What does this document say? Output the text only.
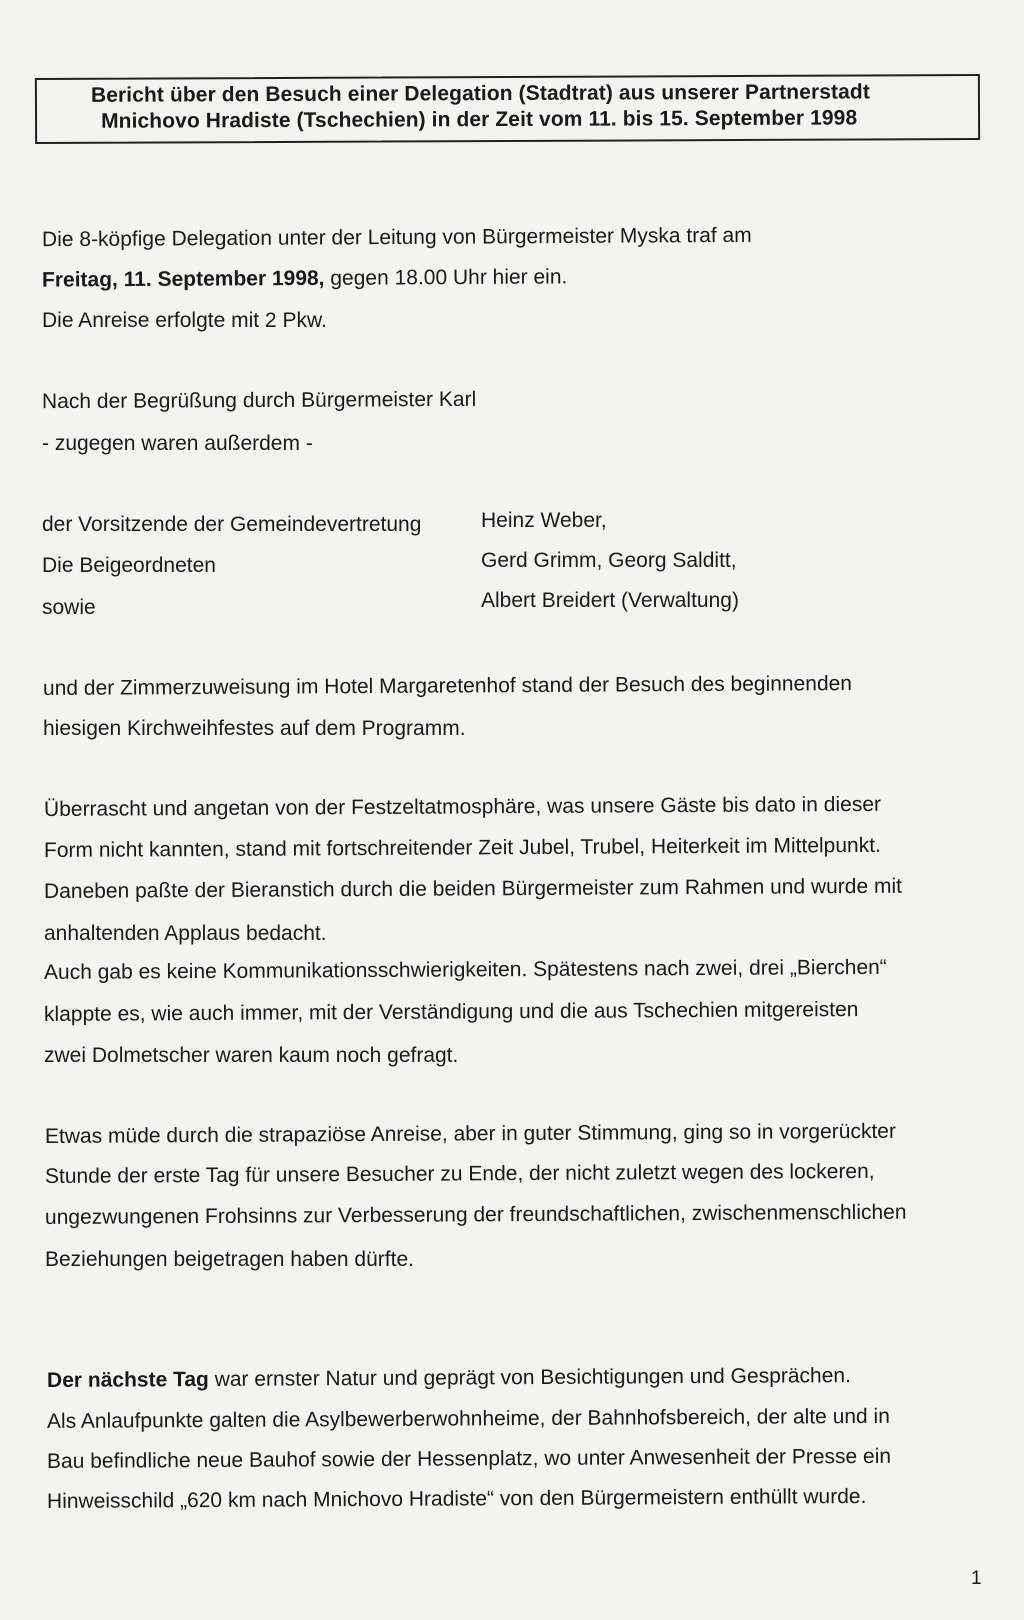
Bericht über den Besuch einer Delegation (Stadtrat) aus unserer Partnerstadt
Mnichovo Hradiste (Tschechien) in der Zeit vom 11. bis 15. September 1998
Die 8-köpfige Delegation unter der Leitung von Bürgermeister Myska traf am
Freitag, 11. September 1998, gegen 18.00 Uhr hier ein.
Die Anreise erfolgte mit 2 Pkw.
Nach der Begrüßung durch Bürgermeister Karl
- zugegen waren außerdem -
der Vorsitzende der Gemeindevertretung	Heinz Weber,
Die Beigeordneten	Gerd Grimm, Georg Salditt,
sowie	Albert Breidert (Verwaltung)
und der Zimmerzuweisung im Hotel Margaretenhof stand der Besuch des beginnenden
hiesigen Kirchweihfestes auf dem Programm.
Überrascht und angetan von der Festzeltatmosphäre, was unsere Gäste bis dato in dieser
Form nicht kannten, stand mit fortschreitender Zeit Jubel, Trubel, Heiterkeit im Mittelpunkt.
Daneben paßte der Bieranstich durch die beiden Bürgermeister zum Rahmen und wurde mit
anhaltenden Applaus bedacht.
Auch gab es keine Kommunikationsschwierigkeiten. Spätestens nach zwei, drei „Bierchen“
klappte es, wie auch immer, mit der Verständigung und die aus Tschechien mitgereisten
zwei Dolmetscher waren kaum noch gefragt.
Etwas müde durch die strapaziöse Anreise, aber in guter Stimmung, ging so in vorgerückter
Stunde der erste Tag für unsere Besucher zu Ende, der nicht zuletzt wegen des lockeren,
ungezwungenen Frohsinns zur Verbesserung der freundschaftlichen, zwischenmenschlichen
Beziehungen beigetragen haben dürfte.
Der nächste Tag war ernster Natur und geprägt von Besichtigungen und Gesprächen.
Als Anlaufpunkte galten die Asylbewerberwohnheime, der Bahnhofsbereich, der alte und in
Bau befindliche neue Bauhof sowie der Hessenplatz, wo unter Anwesenheit der Presse ein
Hinweisschild „620 km nach Mnichovo Hradiste“ von den Bürgermeistern enthüllt wurde.
1
